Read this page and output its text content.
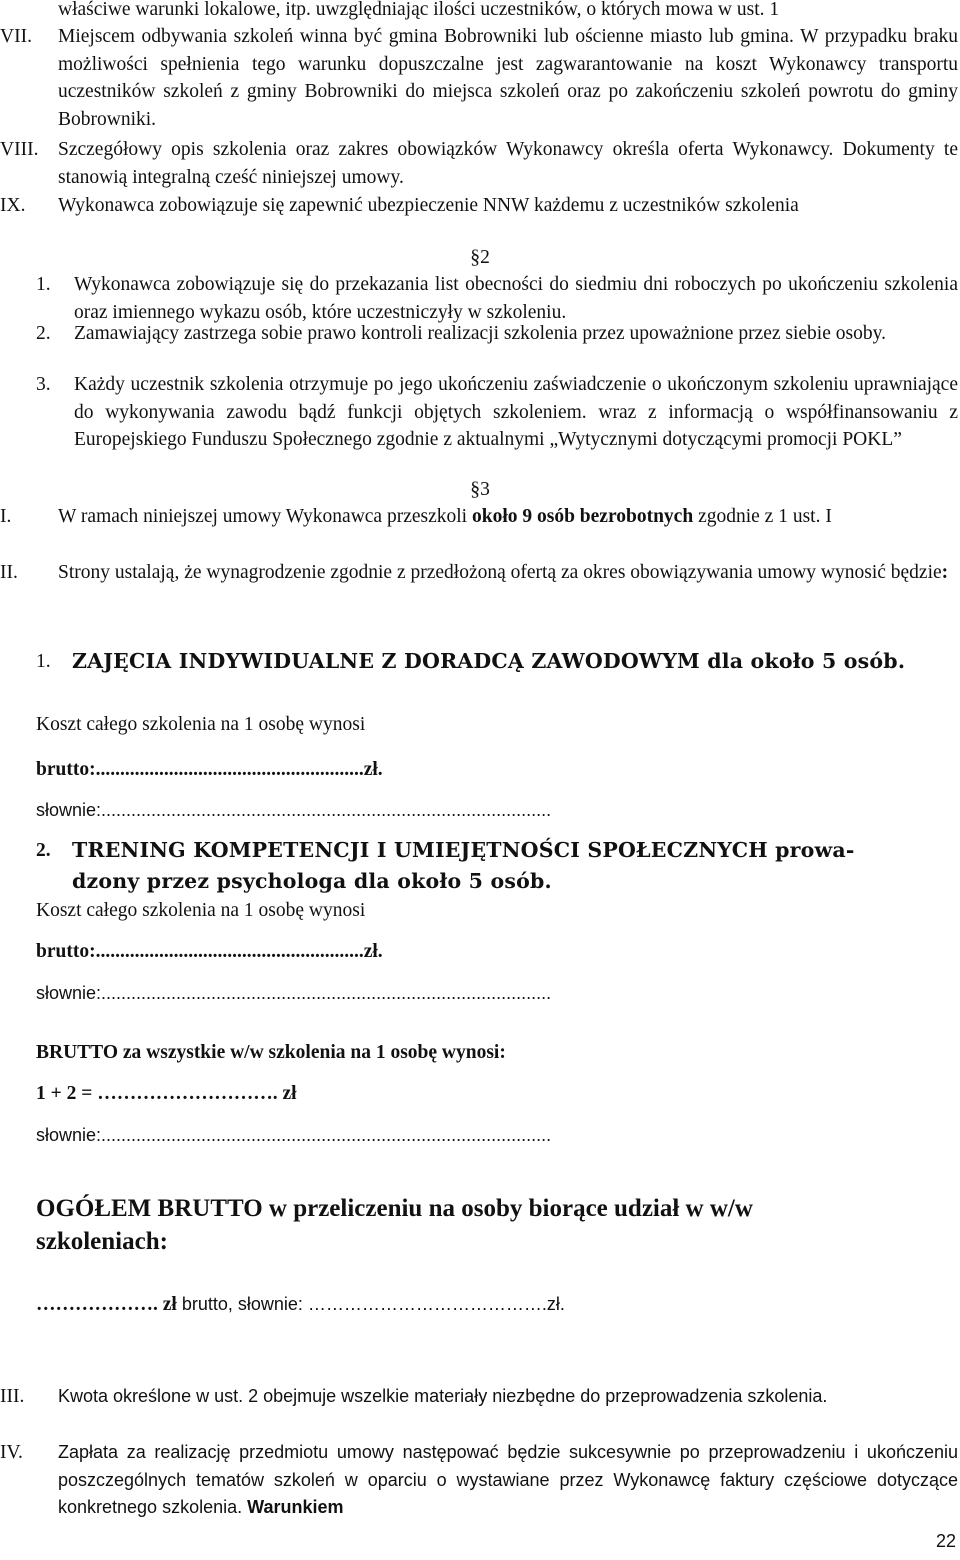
właściwe warunki lokalowe, itp. uwzględniając ilości uczestników, o których mowa w ust. 1
VII. Miejscem odbywania szkoleń winna być gmina Bobrowniki lub ościenne miasto lub gmina. W przypadku braku możliwości spełnienia tego warunku dopuszczalne jest zagwarantowanie na koszt Wykonawcy transportu uczestników szkoleń z gminy Bobrowniki do miejsca szkoleń oraz po zakończeniu szkoleń powrotu do gminy Bobrowniki.
VIII. Szczegółowy opis szkolenia oraz zakres obowiązków Wykonawcy określa oferta Wykonawcy. Dokumenty te stanowią integralną cześć niniejszej umowy.
IX. Wykonawca zobowiązuje się zapewnić ubezpieczenie NNW każdemu z uczestników szkolenia
§2
1. Wykonawca zobowiązuje się do przekazania list obecności do siedmiu dni roboczych po ukończeniu szkolenia oraz imiennego wykazu osób, które uczestniczyły w szkoleniu.
2. Zamawiający zastrzega sobie prawo kontroli realizacji szkolenia przez upoważnione przez siebie osoby.
3. Każdy uczestnik szkolenia otrzymuje po jego ukończeniu zaświadczenie o ukończonym szkoleniu uprawniające do wykonywania zawodu bądź funkcji objętych szkoleniem. wraz z informacją o współfinansowaniu z Europejskiego Funduszu Społecznego zgodnie z aktualnymi „Wytycznymi dotyczącymi promocji POKL”
§3
I. W ramach niniejszej umowy Wykonawca przeszkoli około 9 osób bezrobotnych zgodnie z 1 ust. I
II. Strony ustalają, że wynagrodzenie zgodnie z przedłożoną ofertą za okres obowiązywania umowy wynosić będzie:
1. ZAJĘCIA INDYWIDUALNE Z DORADCĄ ZAWODOWYM dla około 5 osób.
Koszt całego szkolenia na 1 osobę wynosi
brutto:.......................................................zł.
słownie:..........................................................................................
2. TRENING KOMPETENCJI I UMIEJĘTNOŚCI SPOŁECZNYCH prowa-
dzony przez psychologa dla około 5 osób.
Koszt całego szkolenia na 1 osobę wynosi
brutto:.......................................................zł.
słownie:..........................................................................................
BRUTTO za wszystkie w/w szkolenia na 1 osobę wynosi:
1 + 2 = ………………………. zł
słownie:..........................................................................................
OGÓŁEM BRUTTO w przeliczeniu na osoby biorące udział w w/w szkoleniach:
………………. zł brutto, słownie: ………………………………….zł.
III. Kwota określone w ust. 2 obejmuje wszelkie materiały niezbędne do przeprowadzenia szkolenia.
IV. Zapłata za realizację przedmiotu umowy następować będzie sukcesywnie po przeprowadzeniu i ukończeniu poszczególnych tematów szkoleń w oparciu o wystawiane przez Wykonawcę faktury częściowe dotyczące konkretnego szkolenia. Warunkiem
22
